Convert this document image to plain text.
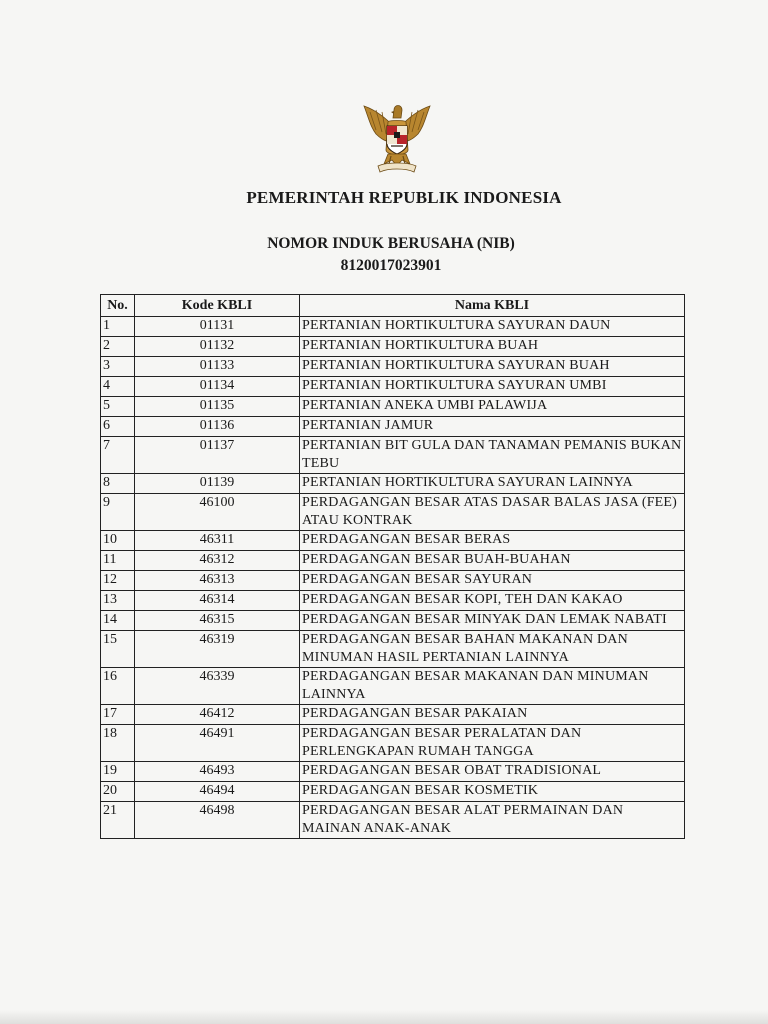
PEMERINTAH REPUBLIK INDONESIA
NOMOR INDUK BERUSAHA (NIB)
8120017023901
No.	Kode KBLI	Nama KBLI
1	01131	PERTANIAN HORTIKULTURA SAYURAN DAUN
2	01132	PERTANIAN HORTIKULTURA BUAH
3	01133	PERTANIAN HORTIKULTURA SAYURAN BUAH
4	01134	PERTANIAN HORTIKULTURA SAYURAN UMBI
5	01135	PERTANIAN ANEKA UMBI PALAWIJA
6	01136	PERTANIAN JAMUR
7	01137	PERTANIAN BIT GULA DAN TANAMAN PEMANIS BUKAN TEBU
8	01139	PERTANIAN HORTIKULTURA SAYURAN LAINNYA
9	46100	PERDAGANGAN BESAR ATAS DASAR BALAS JASA (FEE) ATAU KONTRAK
10	46311	PERDAGANGAN BESAR BERAS
11	46312	PERDAGANGAN BESAR BUAH-BUAHAN
12	46313	PERDAGANGAN BESAR SAYURAN
13	46314	PERDAGANGAN BESAR KOPI, TEH DAN KAKAO
14	46315	PERDAGANGAN BESAR MINYAK DAN LEMAK NABATI
15	46319	PERDAGANGAN BESAR BAHAN MAKANAN DAN MINUMAN HASIL PERTANIAN LAINNYA
16	46339	PERDAGANGAN BESAR MAKANAN DAN MINUMAN LAINNYA
17	46412	PERDAGANGAN BESAR PAKAIAN
18	46491	PERDAGANGAN BESAR PERALATAN DAN PERLENGKAPAN RUMAH TANGGA
19	46493	PERDAGANGAN BESAR OBAT TRADISIONAL
20	46494	PERDAGANGAN BESAR KOSMETIK
21	46498	PERDAGANGAN BESAR ALAT PERMAINAN DAN MAINAN ANAK-ANAK
